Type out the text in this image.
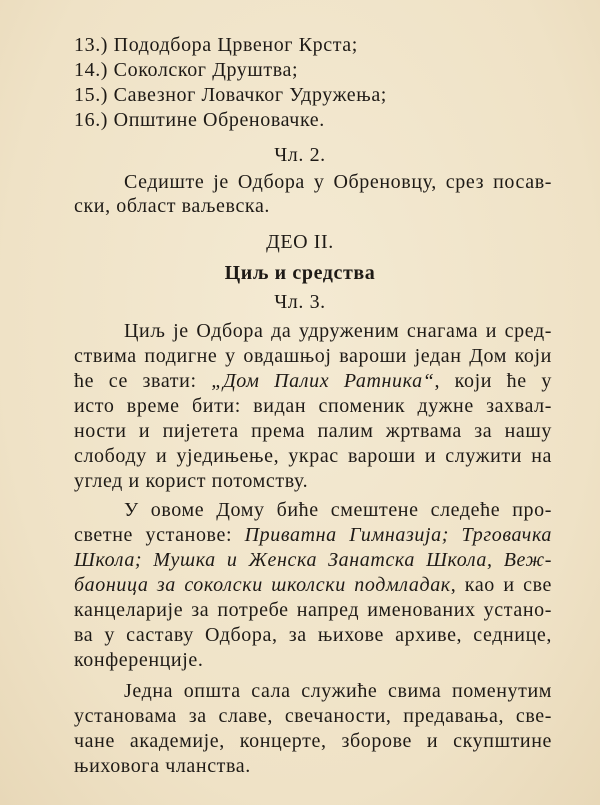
13.) Пододбора Црвеног Крста;
14.) Соколског Друштва;
15.) Савезног Ловачког Удружења;
16.) Општине Обреновачке.
Чл. 2.
Седиште је Одбора у Обреновцу, срез посав-
ски, област ваљевска.
ДЕО II.
Циљ и средства
Чл. 3.
Циљ је Одбора да удруженим снагама и сред-
ствима подигне у овдашњој вароши један Дом који
ће се звати: „Дом Палих Ратника“, који ће у
исто време бити: видан споменик дужне захвал-
ности и пијетета према палим жртвама за нашу
слободу и уједињење, украс вароши и служити на
углед и корист потомству.
У овоме Дому биће смештене следеће про-
светне установе: Приватна Гимназија; Трговачка
Школа; Мушка и Женска Занатска Школа, Веж-
баоница за соколски школски подмладак, као и све
канцеларије за потребе напред именованих устано-
ва у саставу Одбора, за њихове архиве, седнице,
конференције.
Једна општа сала служиће свима поменутим
установама за славе, свечаности, предавања, све-
чане академије, концерте, зборове и скупштине
њиховога чланства.
